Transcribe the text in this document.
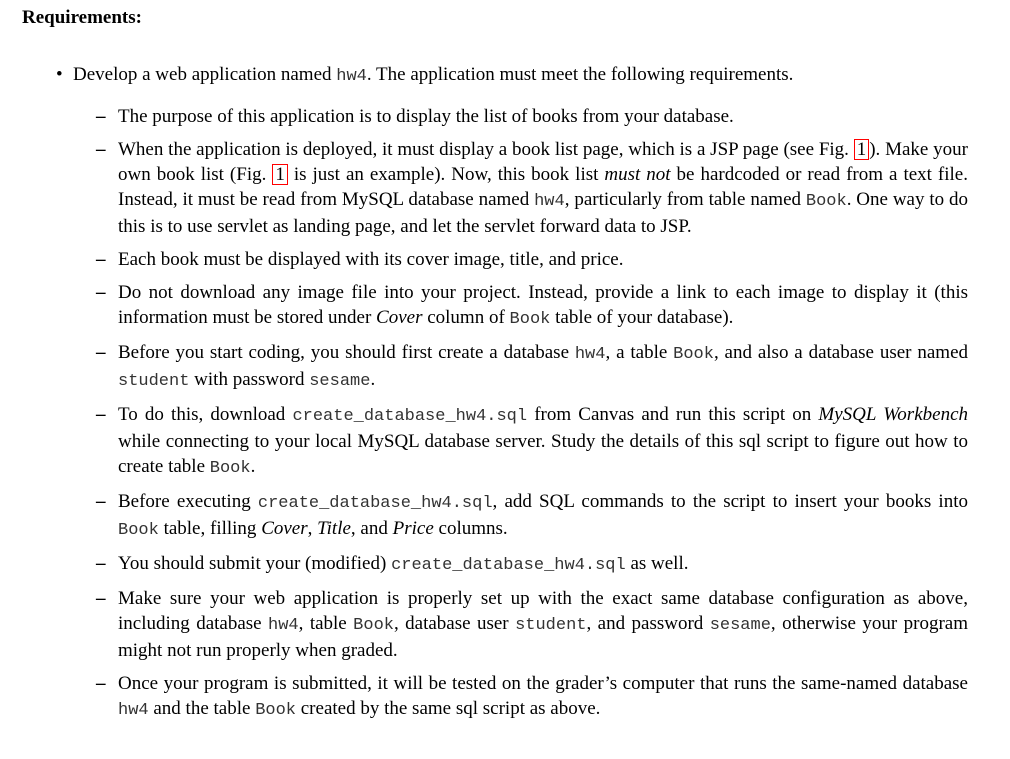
Requirements:
• Develop a web application named hw4. The application must meet the following requirements.
– The purpose of this application is to display the list of books from your database.
– When the application is deployed, it must display a book list page, which is a JSP page (see Fig. 1 ). Make your own book list (Fig. 1 is just an example). Now, this book list must not be hardcoded or read from a text file. Instead, it must be read from MySQL database named hw4, particularly from table named Book. One way to do this is to use servlet as landing page, and let the servlet forward data to JSP.
– Each book must be displayed with its cover image, title, and price.
– Do not download any image file into your project. Instead, provide a link to each image to display it (this information must be stored under Cover column of Book table of your database).
– Before you start coding, you should first create a database hw4, a table Book, and also a database user named student with password sesame.
– To do this, download create_database_hw4.sql from Canvas and run this script on MySQL Workbench while connecting to your local MySQL database server. Study the details of this sql script to figure out how to create table Book.
– Before executing create_database_hw4.sql, add SQL commands to the script to insert your books into Book table, filling Cover, Title, and Price columns.
– You should submit your (modified) create_database_hw4.sql as well.
– Make sure your web application is properly set up with the exact same database configuration as above, including database hw4, table Book, database user student, and password sesame, otherwise your program might not run properly when graded.
– Once your program is submitted, it will be tested on the grader’s computer that runs the same-named database hw4 and the table Book created by the same sql script as above.
